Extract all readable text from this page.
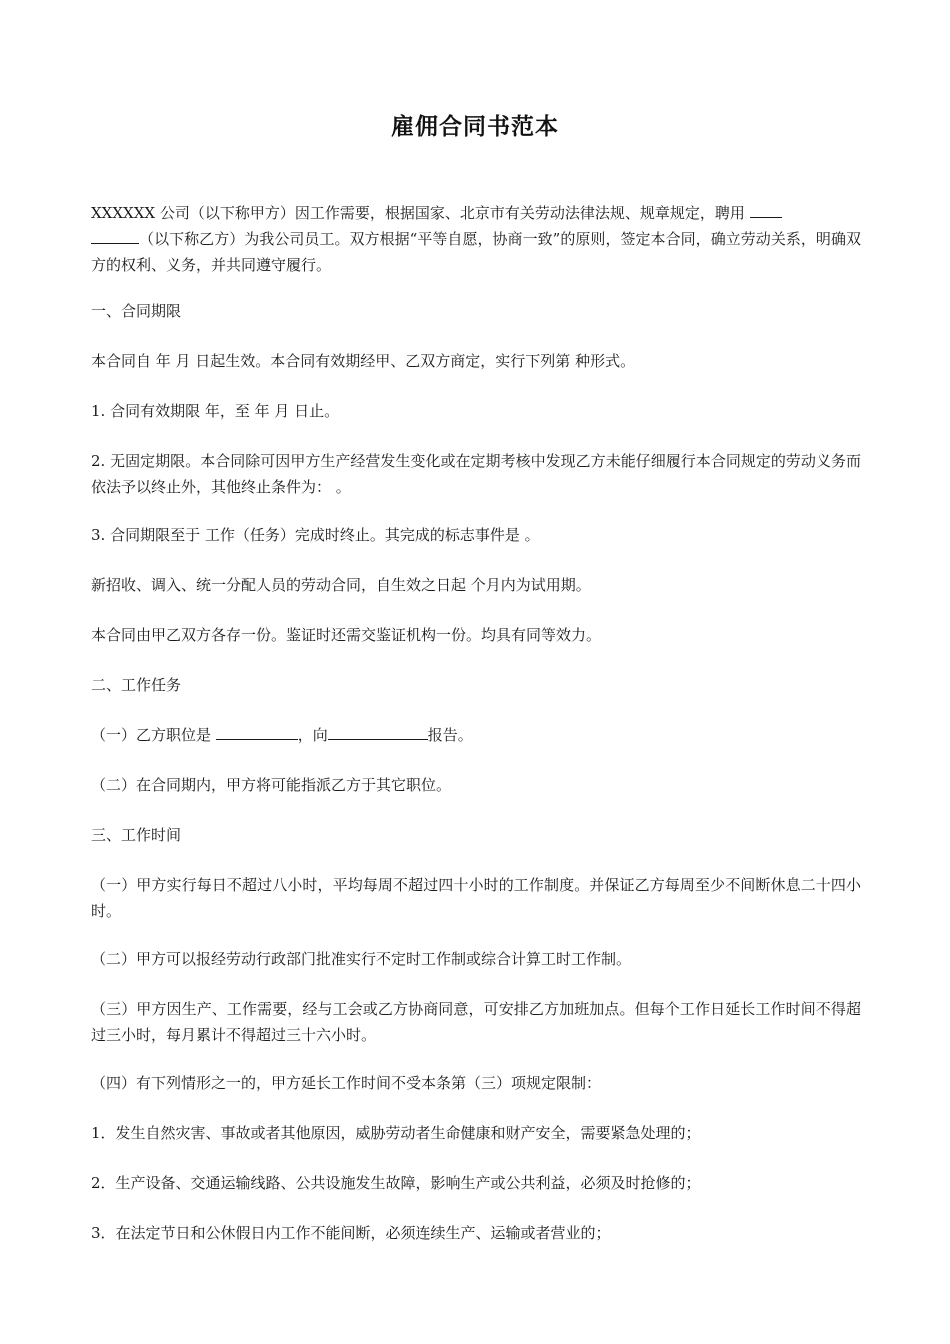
雇佣合同书范本
XXXXXX 公司（以下称甲方）因工作需要，根据国家、北京市有关劳动法律法规、规章规定，聘用
（以下称乙方）为我公司员工。双方根据“平等自愿，协商一致”的原则，签定本合同，确立劳动关系，明确双方的权利、义务，并共同遵守履行。
一、合同期限
本合同自 年 月 日起生效。本合同有效期经甲、乙双方商定，实行下列第 种形式。
1. 合同有效期限 年，至 年 月 日止。
2. 无固定期限。本合同除可因甲方生产经营发生变化或在定期考核中发现乙方未能仔细履行本合同规定的劳动义务而依法予以终止外，其他终止条件为： 。
3. 合同期限至于 工作（任务）完成时终止。其完成的标志事件是 。
新招收、调入、统一分配人员的劳动合同，自生效之日起 个月内为试用期。
本合同由甲乙双方各存一份。鉴证时还需交鉴证机构一份。均具有同等效力。
二、工作任务
（一）乙方职位是	，向	报告。
（二）在合同期内，甲方将可能指派乙方于其它职位。
三、工作时间
（一）甲方实行每日不超过八小时，平均每周不超过四十小时的工作制度。并保证乙方每周至少不间断休息二十四小时。
（二）甲方可以报经劳动行政部门批准实行不定时工作制或综合计算工时工作制。
（三）甲方因生产、工作需要，经与工会或乙方协商同意，可安排乙方加班加点。但每个工作日延长工作时间不得超过三小时，每月累计不得超过三十六小时。
（四）有下列情形之一的，甲方延长工作时间不受本条第（三）项规定限制：
1．发生自然灾害、事故或者其他原因，威胁劳动者生命健康和财产安全，需要紧急处理的；
2．生产设备、交通运输线路、公共设施发生故障，影响生产或公共利益，必须及时抢修的；
3．在法定节日和公休假日内工作不能间断，必须连续生产、运输或者营业的；
